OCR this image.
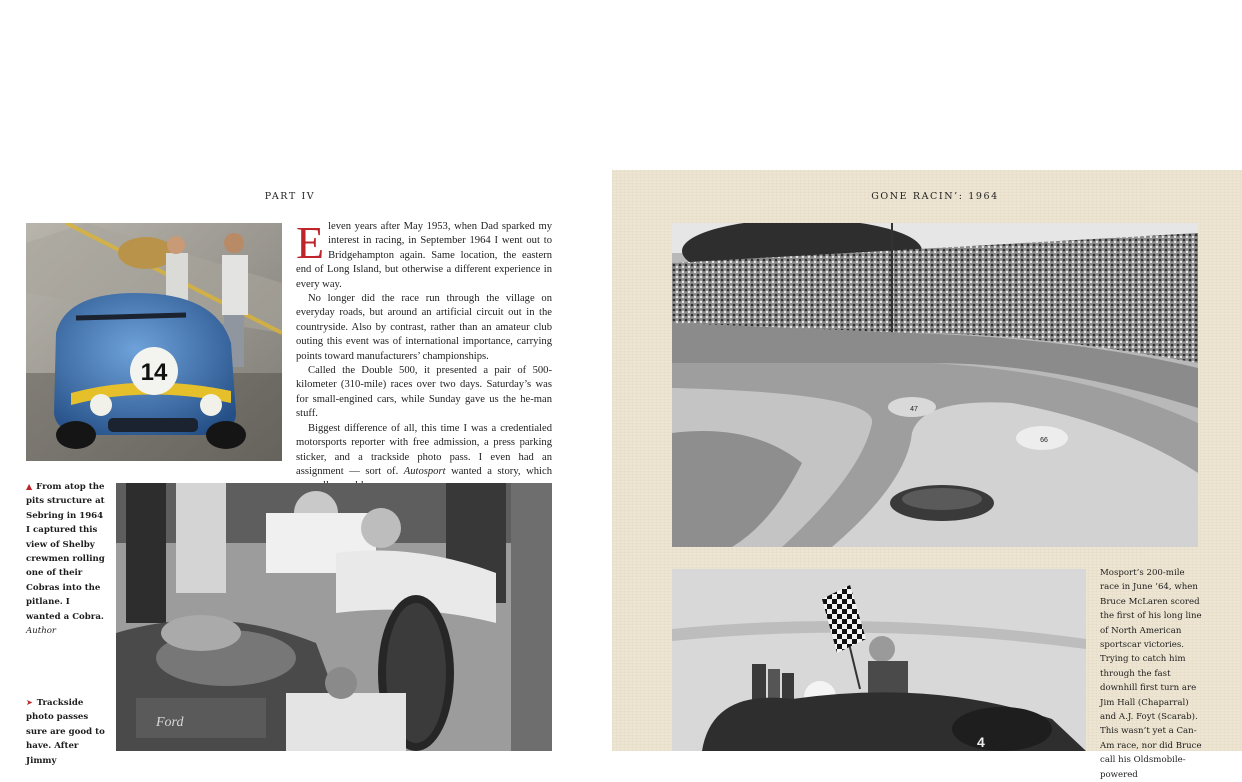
PART IV	GONE RACIN’: 1964
14

Eleven years after May 1953, when Dad sparked my interest in racing, in September 1964 I went out to Bridgehampton again. Same location, the eastern end of Long Island, but otherwise a different experience in every way.

No longer did the race run through the village on everyday roads, but around an artificial circuit out in the countryside. Also by contrast, rather than an amateur club outing this event was of international importance, carrying points toward manufacturers’ championships.

Called the Double 500, it presented a pair of 500-kilometer (310-mile) races over two days. Saturday’s was for small-engined cars, while Sunday gave us the he-man stuff.

Biggest difference of all, this time I was a credentialed motorsports reporter with free admission, a press parking sticker, and a trackside photo pass. I even had an assignment — sort of. Autosport wanted a story, which

▲ From atop the pits structure at Sebring in 1964 I captured this view of Shelby crewmen rolling one of their Cobras into the pitlane. I wanted a Cobra. Author
➤ Trackside photo passes sure are good to have. After Jimmy
Ford
47
66
4
Mosport’s 200-mile race in June ’64, when Bruce McLaren scored the first of his long line of North American sportscar victories. Trying to catch him through the fast downhill first turn are Jim Hall (Chaparral) and A.J. Foyt (Scarab). This wasn’t yet a Can-Am race, nor did Bruce call his Oldsmobile-powered
